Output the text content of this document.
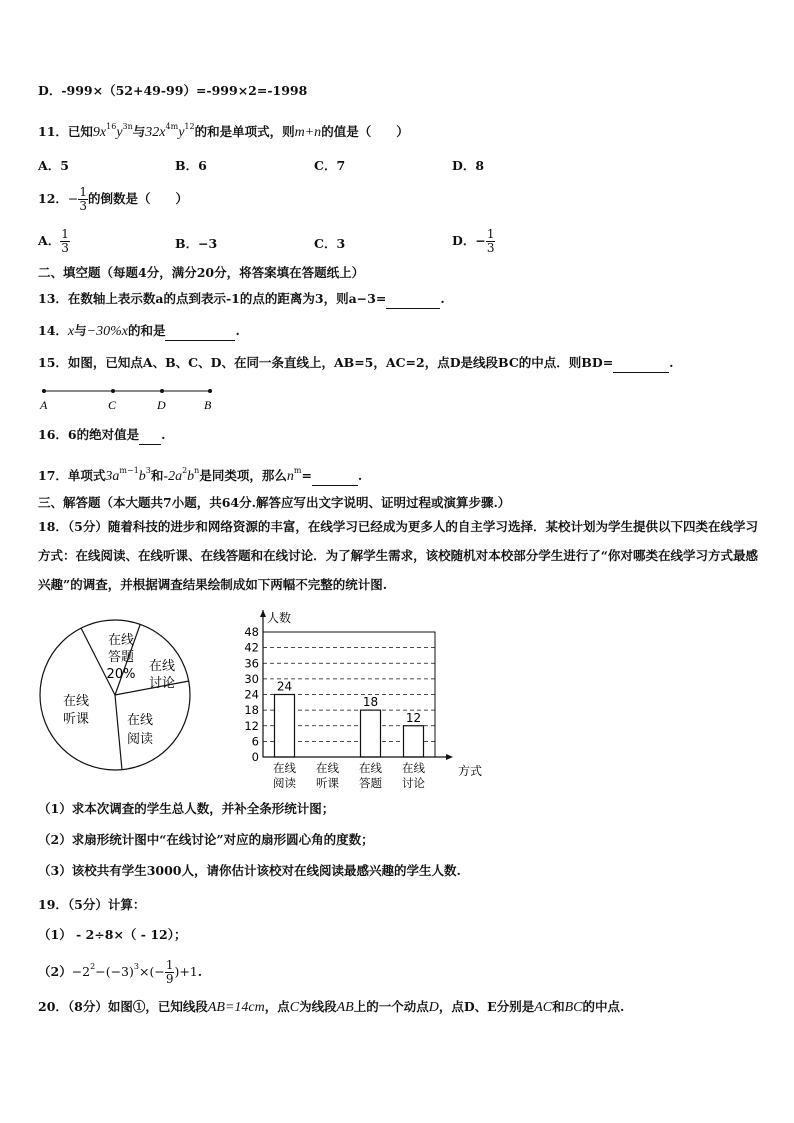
D．-999×（52+49-99）=-999×2=-1998
11．已知$9x^{16}y^{3n}$与$32x^{4m}y^{12}$的和是单项式，则m+n的值是（　　）
A．5	B．6	C．7	D．8
12．− $\frac{1}{3}$ 的倒数是（　　）
A． $\frac{1}{3}$	B．−3	C．3	D．− $\frac{1}{3}$
二、填空题（每题4分，满分20分，将答案填在答题纸上）
13．在数轴上表示数a的点到表示-1的点的距离为3，则a−3=	.
14．x与−30%x的和是	.
15．如图，已知点A、B、C、D、在同一条直线上，AB=5，AC=2，点D是线段BC的中点．则BD=	.
A	C	D	B
16．6的绝对值是 .
17．单项式$3a^{m-1}b^3$和$-2a^2b^n$是同类项，那么$n^m=$	.
三、解答题（本大题共7小题，共64分.解答应写出文字说明、证明过程或演算步骤.）
18．（5分）随着科技的进步和网络资源的丰富，在线学习已经成为更多人的自主学习选择．某校计划为学生提供以下四类在线学习方式：在线阅读、在线听课、在线答题和在线讨论．为了解学生需求，该校随机对本校部分学生进行了“你对哪类在线学习方式最感兴趣”的调查，并根据调查结果绘制成如下两幅不完整的统计图.
在线
答题
20%
在线
讨论
在线
阅读
在线
听课
0
6
12
18
24
30
36
42
48
24
18
12
在线
阅读
在线
听课
在线
答题
在线
讨论
人数
方式
（1）求本次调查的学生总人数，并补全条形统计图；
（2）求扇形统计图中“在线讨论”对应的扇形圆心角的度数；
（3）该校共有学生3000人，请你估计该校对在线阅读最感兴趣的学生人数.
19．（5分）计算：
（1） - 2÷8×（ - 12）；
$(2)-2^2-(-3)^3\times(- \frac{1}{9} )+1$.
20．（8分）如图①，已知线段AB=14cm，点C为线段AB上的一个动点D，点D、E分别是AC和BC的中点.
